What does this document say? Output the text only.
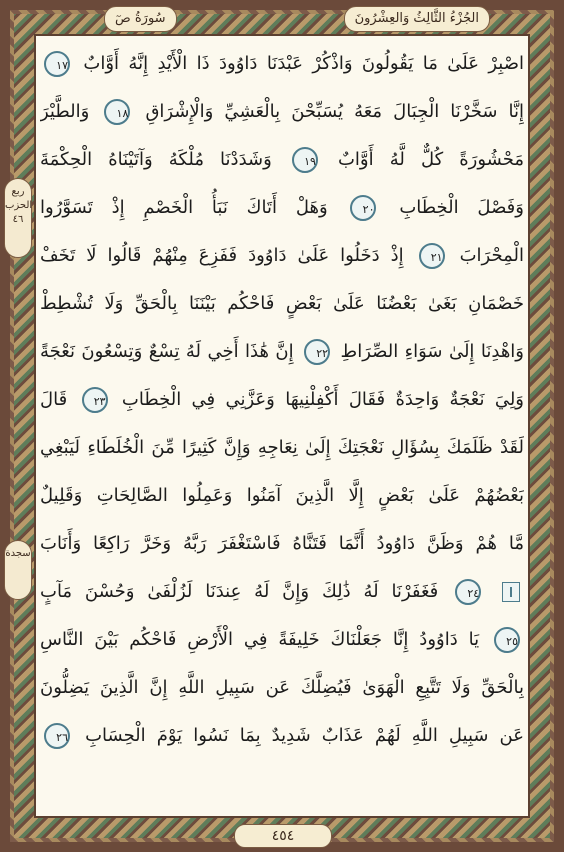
الجُزْءُ الثَّالِثُ وَالعِشْرُونَ
سُورَةُ صٓ
ربع الحزب ٤٦
سجدة
اصْبِرْ عَلَىٰ مَا يَقُولُونَ وَاذْكُرْ عَبْدَنَا دَاوُودَ ذَا الْأَيْدِ إِنَّهُ أَوَّابٌ ١٧
إِنَّا سَخَّرْنَا الْجِبَالَ مَعَهُ يُسَبِّحْنَ بِالْعَشِيِّ وَالْإِشْرَاقِ ١٨ وَالطَّيْرَ
مَحْشُورَةً كُلٌّ لَّهُ أَوَّابٌ ١٩ وَشَدَدْنَا مُلْكَهُ وَآتَيْنَاهُ الْحِكْمَةَ
وَفَصْلَ الْخِطَابِ ٢٠ وَهَلْ أَتَاكَ نَبَأُ الْخَصْمِ إِذْ تَسَوَّرُوا
الْمِحْرَابَ ٢١ إِذْ دَخَلُوا عَلَىٰ دَاوُودَ فَفَزِعَ مِنْهُمْ قَالُوا لَا تَخَفْ
خَصْمَانِ بَغَىٰ بَعْضُنَا عَلَىٰ بَعْضٍ فَاحْكُم بَيْنَنَا بِالْحَقِّ وَلَا تُشْطِطْ
وَاهْدِنَا إِلَىٰ سَوَاءِ الصِّرَاطِ ٢٢ إِنَّ هَٰذَا أَخِي لَهُ تِسْعٌ وَتِسْعُونَ نَعْجَةً
وَلِيَ نَعْجَةٌ وَاحِدَةٌ فَقَالَ أَكْفِلْنِيهَا وَعَزَّنِي فِي الْخِطَابِ ٢٣ قَالَ
لَقَدْ ظَلَمَكَ بِسُؤَالِ نَعْجَتِكَ إِلَىٰ نِعَاجِهِ وَإِنَّ كَثِيرًا مِّنَ الْخُلَطَاءِ لَيَبْغِي
بَعْضُهُمْ عَلَىٰ بَعْضٍ إِلَّا الَّذِينَ آمَنُوا وَعَمِلُوا الصَّالِحَاتِ وَقَلِيلٌ
مَّا هُمْ وَظَنَّ دَاوُودُ أَنَّمَا فَتَنَّاهُ فَاسْتَغْفَرَ رَبَّهُ وَخَرَّ رَاكِعًا وَأَنَابَ
٢٤ فَغَفَرْنَا لَهُ ذَٰلِكَ وَإِنَّ لَهُ عِندَنَا لَزُلْفَىٰ وَحُسْنَ مَآبٍ
٢٥ يَا دَاوُودُ إِنَّا جَعَلْنَاكَ خَلِيفَةً فِي الْأَرْضِ فَاحْكُم بَيْنَ النَّاسِ
بِالْحَقِّ وَلَا تَتَّبِعِ الْهَوَىٰ فَيُضِلَّكَ عَن سَبِيلِ اللَّهِ إِنَّ الَّذِينَ يَضِلُّونَ
عَن سَبِيلِ اللَّهِ لَهُمْ عَذَابٌ شَدِيدٌ بِمَا نَسُوا يَوْمَ الْحِسَابِ ٢٦
٤٥٤
